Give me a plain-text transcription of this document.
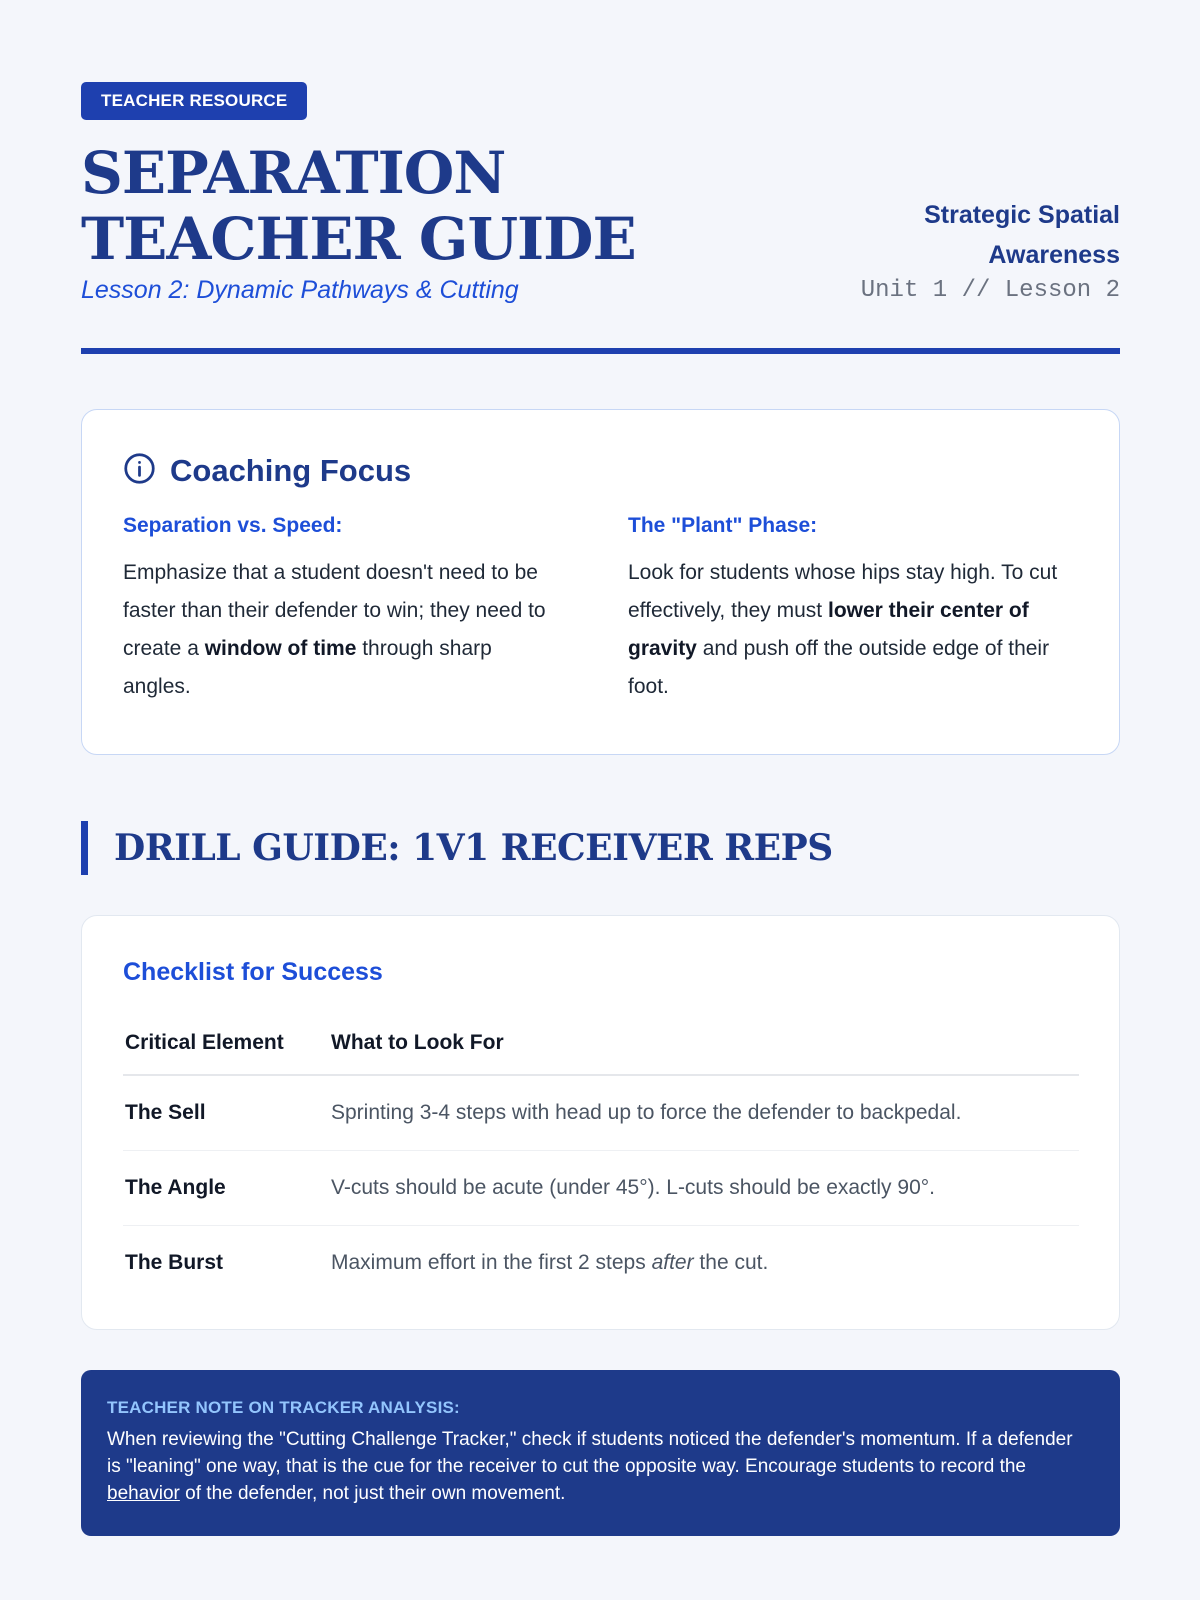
TEACHER RESOURCE
SEPARATION TEACHER GUIDE
Lesson 2: Dynamic Pathways & Cutting
Strategic Spatial Awareness
Unit 1 // Lesson 2
Coaching Focus
Separation vs. Speed:

Emphasize that a student doesn't need to be faster than their defender to win; they need to create a window of time through sharp angles.

The "Plant" Phase:

Look for students whose hips stay high. To cut effectively, they must lower their center of gravity and push off the outside edge of their foot.

DRILL GUIDE: 1V1 RECEIVER REPS
Checklist for Success
Critical Element	What to Look For
The Sell	Sprinting 3-4 steps with head up to force the defender to backpedal.
The Angle	V-cuts should be acute (under 45°). L-cuts should be exactly 90°.
The Burst	Maximum effort in the first 2 steps after the cut.
TEACHER NOTE ON TRACKER ANALYSIS:

When reviewing the "Cutting Challenge Tracker," check if students noticed the defender's momentum. If a defender is "leaning" one way, that is the cue for the receiver to cut the opposite way. Encourage students to record the behavior of the defender, not just their own movement.
